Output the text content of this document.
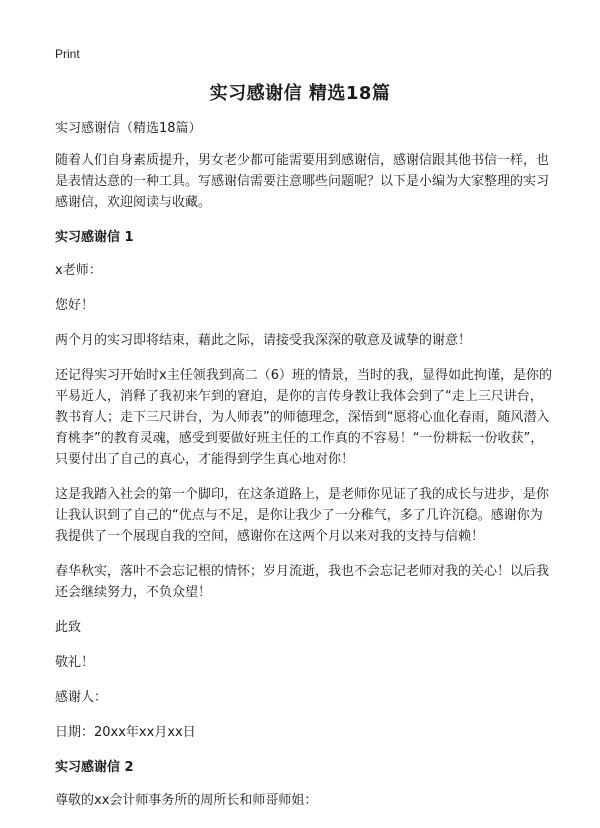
Print
实习感谢信 精选18篇

实习感谢信（精选18篇）

随着人们自身素质提升，男女老少都可能需要用到感谢信，感谢信跟其他书信一样，也是表情达意的一种工具。写感谢信需要注意哪些问题呢？以下是小编为大家整理的实习感谢信，欢迎阅读与收藏。

实习感谢信 1

x老师：

您好！

两个月的实习即将结束，藉此之际，请接受我深深的敬意及诚挚的谢意！

还记得实习开始时x主任领我到高二（6）班的情景，当时的我，显得如此拘谨，是你的平易近人，消释了我初来乍到的窘迫，是你的言传身教让我体会到了“走上三尺讲台，教书育人；走下三尺讲台，为人师表”的师德理念，深悟到“愿将心血化春雨，随风潜入育桃李”的教育灵魂，感受到要做好班主任的工作真的不容易！“一份耕耘一份收获”，只要付出了自己的真心，才能得到学生真心地对你！

这是我踏入社会的第一个脚印，在这条道路上，是老师你见证了我的成长与进步，是你让我认识到了自己的“优点与不足，是你让我少了一分稚气，多了几许沉稳。感谢你为我提供了一个展现自我的空间，感谢你在这两个月以来对我的支持与信赖！

春华秋实，落叶不会忘记根的情怀；岁月流逝，我也不会忘记老师对我的关心！以后我还会继续努力，不负众望！

此致

敬礼！

感谢人：

日期：20xx年xx月xx日

实习感谢信 2

尊敬的xx会计师事务所的周所长和师哥师姐：
